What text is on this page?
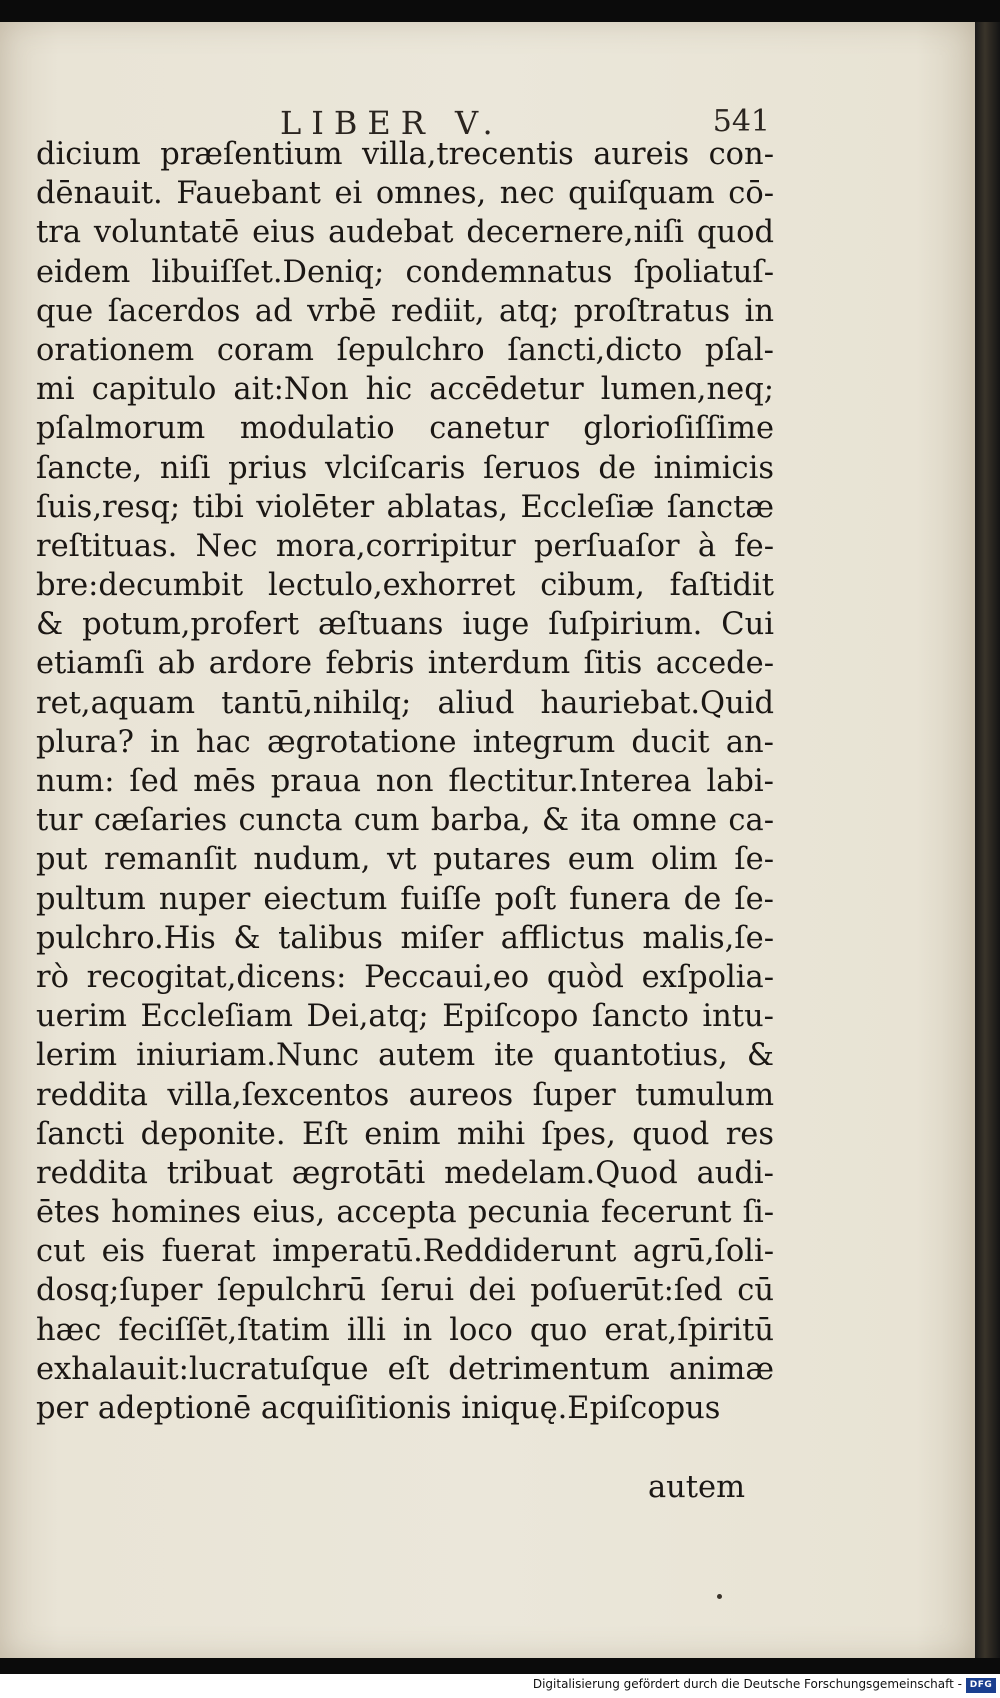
LIBER V.	541
dicium præſentium villa,trecentis aureis con-
dēnauit. Fauebant ei omnes, nec quiſquam cō-
tra voluntatē eius audebat decernere,niſi quod
eidem libuiſſet.Deniq; condemnatus ſpoliatuſ-
que ſacerdos ad vrbē rediit, atq; proſtratus in
orationem coram ſepulchro ſancti,dicto pſal-
mi capitulo ait:Non hic accēdetur lumen,neq;
pſalmorum modulatio canetur glorioſiſſime
ſancte, niſi prius vlciſcaris ſeruos de inimicis
ſuis,resq; tibi violēter ablatas, Eccleſiæ ſanctæ
reſtituas. Nec mora,corripitur perſuaſor à fe-
bre:decumbit lectulo,exhorret cibum, faſtidit
& potum,profert æſtuans iuge ſuſpirium. Cui
etiamſi ab ardore febris interdum ſitis accede-
ret,aquam tantū,nihilq; aliud hauriebat.Quid
plura? in hac ægrotatione integrum ducit an-
num: ſed mēs praua non flectitur.Interea labi-
tur cæſaries cuncta cum barba, & ita omne ca-
put remanſit nudum, vt putares eum olim ſe-
pultum nuper eiectum fuiſſe poſt funera de ſe-
pulchro.His & talibus miſer afflictus malis,ſe-
rò recogitat,dicens: Peccaui,eo quòd exſpolia-
uerim Eccleſiam Dei,atq; Epiſcopo ſancto intu-
lerim iniuriam.Nunc autem ite quantotius, &
reddita villa,ſexcentos aureos ſuper tumulum
ſancti deponite. Eſt enim mihi ſpes, quod res
reddita tribuat ægrotāti medelam.Quod audi-
ētes homines eius, accepta pecunia fecerunt ſi-
cut eis fuerat imperatū.Reddiderunt agrū,ſoli-
dosq;ſuper ſepulchrū ſerui dei poſuerūt:ſed cū
hæc feciſſēt,ſtatim illi in loco quo erat,ſpiritū
exhalauit:lucratuſque eſt detrimentum animæ
per adeptionē acquiſitionis iniquę.Epiſcopus
autem
Digitalisierung gefördert durch die Deutsche Forschungsgemeinschaft - DFG
